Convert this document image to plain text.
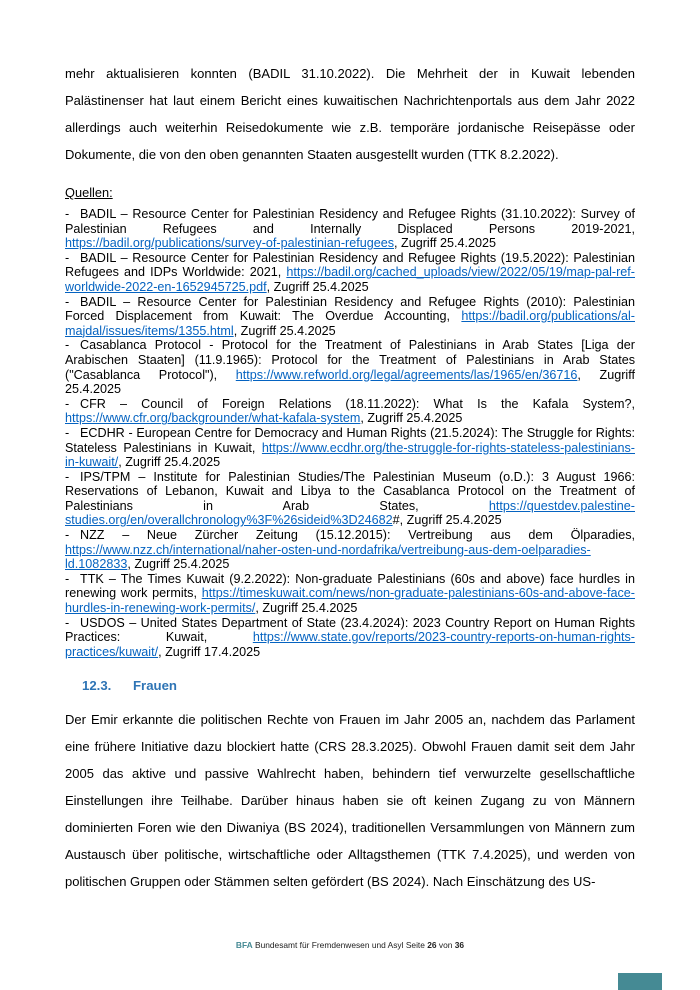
mehr aktualisieren konnten (BADIL 31.10.2022). Die Mehrheit der in Kuwait lebenden Palästinenser hat laut einem Bericht eines kuwaitischen Nachrichtenportals aus dem Jahr 2022 allerdings auch weiterhin Reisedokumente wie z.B. temporäre jordanische Reisepässe oder Dokumente, die von den oben genannten Staaten ausgestellt wurden (TTK 8.2.2022).

Quellen:

- BADIL – Resource Center for Palestinian Residency and Refugee Rights (31.10.2022): Survey of Palestinian Refugees and Internally Displaced Persons 2019-2021, https://badil.org/publications/survey-of-palestinian-refugees, Zugriff 25.4.2025

- BADIL – Resource Center for Palestinian Residency and Refugee Rights (19.5.2022): Palestinian Refugees and IDPs Worldwide: 2021, https://badil.org/cached_uploads/view/2022/05/19/map-pal-ref-worldwide-2022-en-1652945725.pdf, Zugriff 25.4.2025

- BADIL – Resource Center for Palestinian Residency and Refugee Rights (2010): Palestinian Forced Displacement from Kuwait: The Overdue Accounting, https://badil.org/publications/al-majdal/issues/items/1355.html, Zugriff 25.4.2025

- Casablanca Protocol - Protocol for the Treatment of Palestinians in Arab States [Liga der Arabischen Staaten] (11.9.1965): Protocol for the Treatment of Palestinians in Arab States ("Casablanca Protocol"), https://www.refworld.org/legal/agreements/las/1965/en/36716, Zugriff 25.4.2025

- CFR – Council of Foreign Relations (18.11.2022): What Is the Kafala System?, https://www.cfr.org/backgrounder/what-kafala-system, Zugriff 25.4.2025

- ECDHR - European Centre for Democracy and Human Rights (21.5.2024): The Struggle for Rights: Stateless Palestinians in Kuwait, https://www.ecdhr.org/the-struggle-for-rights-stateless-palestinians-in-kuwait/, Zugriff 25.4.2025

- IPS/TPM – Institute for Palestinian Studies/The Palestinian Museum (o.D.): 3 August 1966: Reservations of Lebanon, Kuwait and Libya to the Casablanca Protocol on the Treatment of Palestinians in Arab States, https://questdev.palestine-studies.org/en/overallchronology%3F%26sideid%3D24682#, Zugriff 25.4.2025

- NZZ – Neue Zürcher Zeitung (15.12.2015): Vertreibung aus dem Ölparadies, https://www.nzz.ch/international/naher-osten-und-nordafrika/vertreibung-aus-dem-oelparadies-ld.1082833, Zugriff 25.4.2025

- TTK – The Times Kuwait (9.2.2022): Non-graduate Palestinians (60s and above) face hurdles in renewing work permits, https://timeskuwait.com/news/non-graduate-palestinians-60s-and-above-face-hurdles-in-renewing-work-permits/, Zugriff 25.4.2025

- USDOS – United States Department of State (23.4.2024): 2023 Country Report on Human Rights Practices: Kuwait, https://www.state.gov/reports/2023-country-reports-on-human-rights-practices/kuwait/, Zugriff 17.4.2025

12.3. Frauen

Der Emir erkannte die politischen Rechte von Frauen im Jahr 2005 an, nachdem das Parlament eine frühere Initiative dazu blockiert hatte (CRS 28.3.2025). Obwohl Frauen damit seit dem Jahr 2005 das aktive und passive Wahlrecht haben, behindern tief verwurzelte gesellschaftliche Einstellungen ihre Teilhabe. Darüber hinaus haben sie oft keinen Zugang zu von Männern dominierten Foren wie den Diwaniya (BS 2024), traditionellen Versammlungen von Männern zum Austausch über politische, wirtschaftliche oder Alltagsthemen (TTK 7.4.2025), und werden von politischen Gruppen oder Stämmen selten gefördert (BS 2024). Nach Einschätzung des US-

BFA Bundesamt für Fremdenwesen und Asyl Seite 26 von 36
